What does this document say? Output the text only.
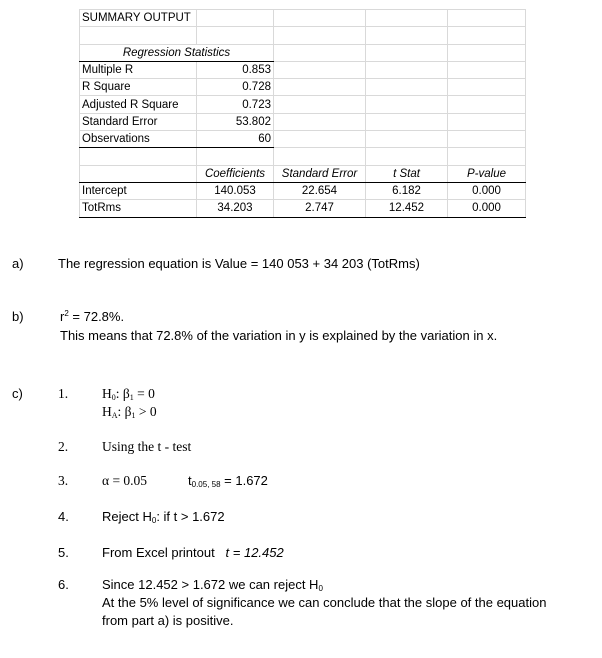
SUMMARY OUTPUT				

Regression Statistics				
Multiple R	0.853			
R Square	0.728			
Adjusted R Square	0.723			
Standard Error	53.802			
Observations	60			

	Coefficients	Standard Error	t Stat	P-value
Intercept	140.053	22.654	6.182	0.000
TotRms	34.203	2.747	12.452	0.000
a)	The regression equation is Value = 140 053 + 34 203 (TotRms)
b)	$r^2 = 72.8\%$.
This means that 72.8% of the variation in y is explained by the variation in x.
c)	1.	$H_0$: $\beta_1 = 0$
$H_A$: $\beta_1 > 0$
2.	Using the t - test
3.	α = 0.05	$t_{0.05, 58} = 1.672$
4.	Reject $H_0$: if t > 1.672
5.	From Excel printout t = 12.452
6.	Since 12.452 > 1.672 we can reject $H_0$
At the 5% level of significance we can conclude that the slope of the equation
from part a) is positive.
